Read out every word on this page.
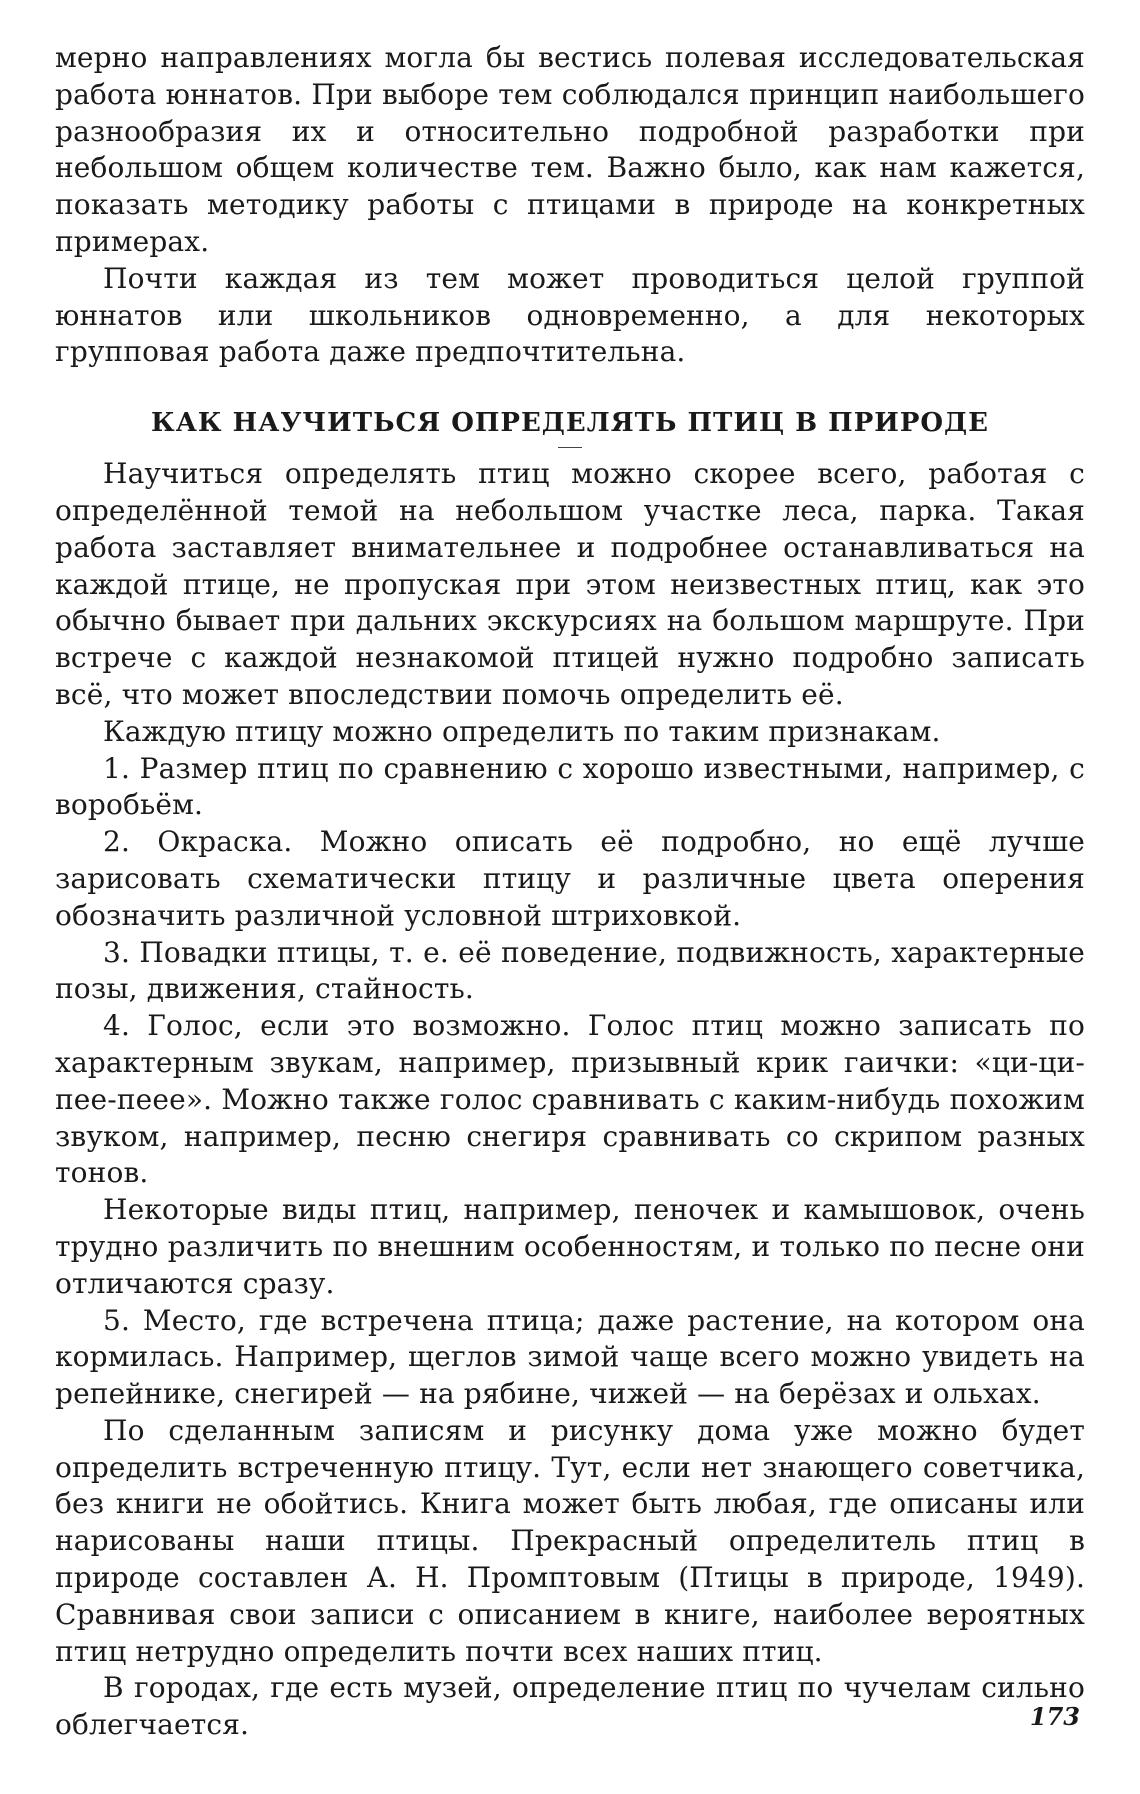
мерно направлениях могла бы вестись полевая исследовательская работа юннатов. При выборе тем соблюдался принцип наибольшего разнообразия их и относительно подробной разработки при небольшом общем количестве тем. Важно было, как нам кажется, показать методику работы с птицами в природе на конкретных примерах.

Почти каждая из тем может проводиться целой группой юннатов или школьников одновременно, а для некоторых групповая работа даже предпочтительна.

КАК НАУЧИТЬСЯ ОПРЕДЕЛЯТЬ ПТИЦ В ПРИРОДЕ

Научиться определять птиц можно скорее всего, работая с определённой темой на небольшом участке леса, парка. Такая работа заставляет внимательнее и подробнее останавливаться на каждой птице, не пропуская при этом неизвестных птиц, как это обычно бывает при дальних экскурсиях на большом маршруте. При встрече с каждой незнакомой птицей нужно подробно записать всё, что может впоследствии помочь определить её.

Каждую птицу можно определить по таким признакам.

1. Размер птиц по сравнению с хорошо известными, например, с воробьём.

2. Окраска. Можно описать её подробно, но ещё лучше зарисовать схематически птицу и различные цвета оперения обозначить различной условной штриховкой.

3. Повадки птицы, т. е. её поведение, подвижность, характерные позы, движения, стайность.

4. Голос, если это возможно. Голос птиц можно записать по характерным звукам, например, призывный крик гаички: «ци-ци-пее-пеее». Можно также голос сравнивать с каким-нибудь похожим звуком, например, песню снегиря сравнивать со скрипом разных тонов.

Некоторые виды птиц, например, пеночек и камышовок, очень трудно различить по внешним особенностям, и только по песне они отличаются сразу.

5. Место, где встречена птица; даже растение, на котором она кормилась. Например, щеглов зимой чаще всего можно увидеть на репейнике, снегирей — на рябине, чижей — на берёзах и ольхах.

По сделанным записям и рисунку дома уже можно будет определить встреченную птицу. Тут, если нет знающего советчика, без книги не обойтись. Книга может быть любая, где описаны или нарисованы наши птицы. Прекрасный определитель птиц в природе составлен А. Н. Промптовым (Птицы в природе, 1949). Сравнивая свои записи с описанием в книге, наиболее вероятных птиц нетрудно определить почти всех наших птиц.

В городах, где есть музей, определение птиц по чучелам сильно облегчается.	173
